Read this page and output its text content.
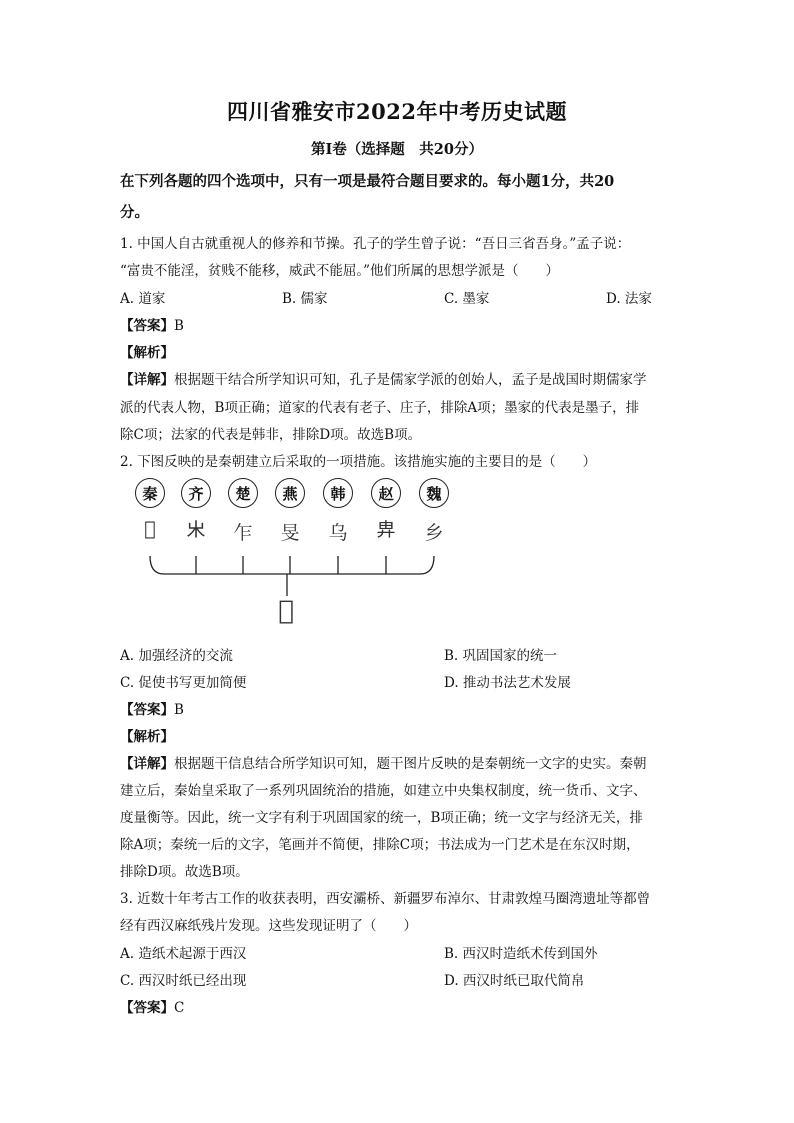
四川省雅安市2022年中考历史试题
第Ⅰ卷（选择题　共20分）
在下列各题的四个选项中，只有一项是最符合题目要求的。每小题1分，共20
分。
1. 中国人自古就重视人的修养和节操。孔子的学生曾子说：“吾日三省吾身。”孟子说：
“富贵不能淫，贫贱不能移，威武不能屈。”他们所属的思想学派是（　　）
A. 道家	B. 儒家	C. 墨家	D. 法家
【答案】B
【解析】
【详解】根据题干结合所学知识可知，孔子是儒家学派的创始人，孟子是战国时期儒家学
派的代表人物，B项正确；道家的代表有老子、庄子，排除A项；墨家的代表是墨子，排
除C项；法家的代表是韩非，排除D项。故选B项。
2. 下图反映的是秦朝建立后采取的一项措施。该措施实施的主要目的是（　　）
秦	齐	楚	燕	韩	赵	魏
𢑞	𣎵 乍 旻 乌 𢍁 乡
𢑞
A. 加强经济的交流	B. 巩固国家的统一
C. 促使书写更加简便	D. 推动书法艺术发展
【答案】B
【解析】
【详解】根据题干信息结合所学知识可知，题干图片反映的是秦朝统一文字的史实。秦朝
建立后，秦始皇采取了一系列巩固统治的措施，如建立中央集权制度，统一货币、文字、
度量衡等。因此，统一文字有利于巩固国家的统一，B项正确；统一文字与经济无关，排
除A项；秦统一后的文字，笔画并不简便，排除C项；书法成为一门艺术是在东汉时期，
排除D项。故选B项。
3. 近数十年考古工作的收获表明，西安灞桥、新疆罗布淖尔、甘肃敦煌马圈湾遗址等都曾
经有西汉麻纸残片发现。这些发现证明了（　　）
A. 造纸术起源于西汉	B. 西汉时造纸术传到国外
C. 西汉时纸已经出现	D. 西汉时纸已取代简帛
【答案】C
